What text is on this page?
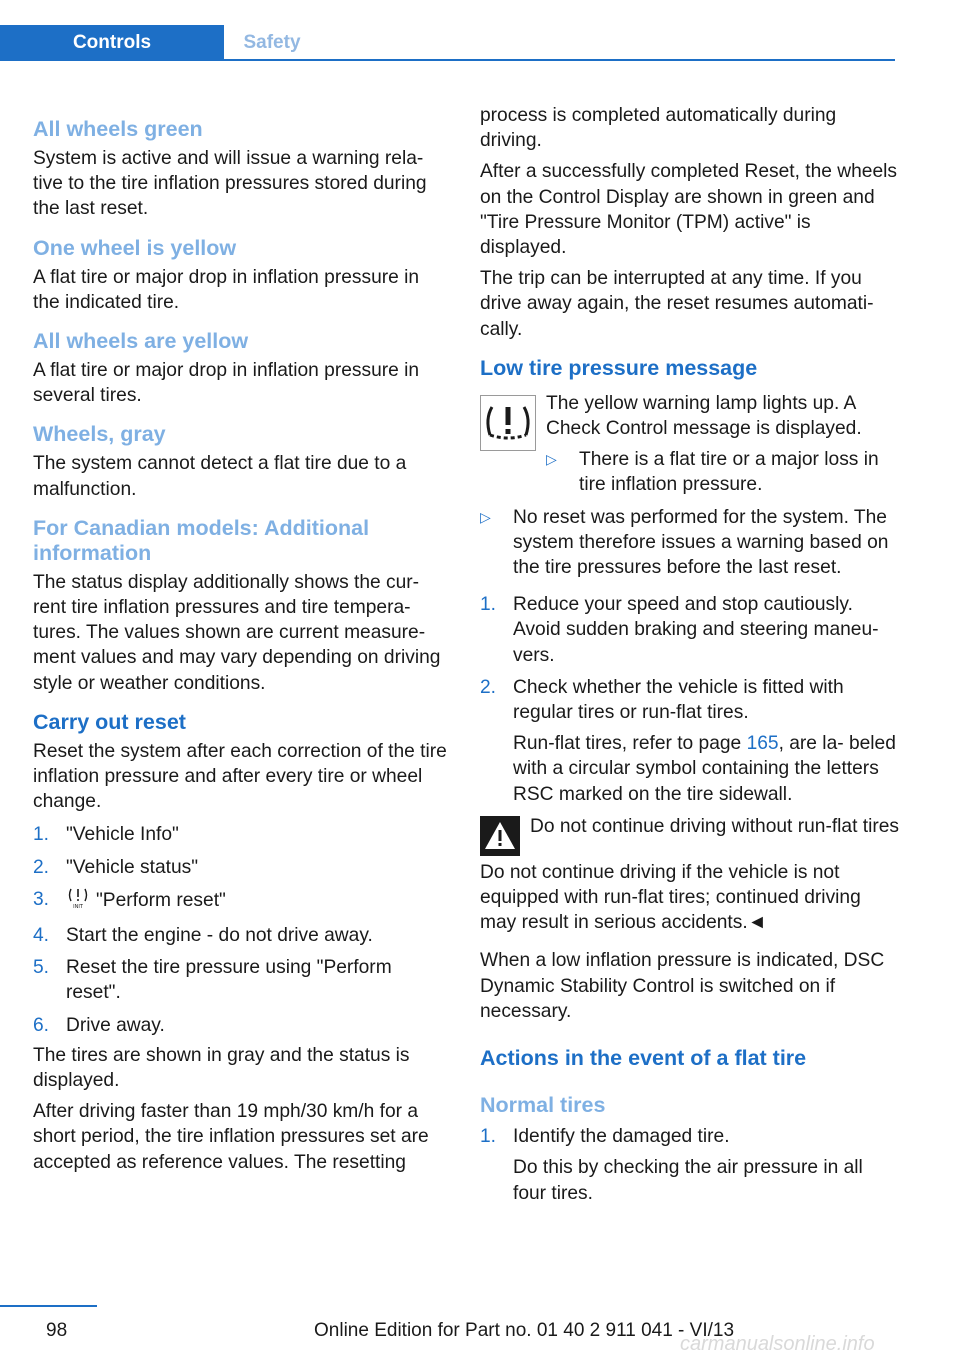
Controls	Safety
All wheels green

System is active and will issue a warning rela‐ tive to the tire inflation pressures stored during the last reset.

One wheel is yellow

A flat tire or major drop in inflation pressure in the indicated tire.

All wheels are yellow

A flat tire or major drop in inflation pressure in several tires.

Wheels, gray

The system cannot detect a flat tire due to a malfunction.

For Canadian models: Additional information

The status display additionally shows the cur‐ rent tire inflation pressures and tire tempera‐ tures. The values shown are current measure‐ ment values and may vary depending on driving style or weather conditions.

Carry out reset

Reset the system after each correction of the tire inflation pressure and after every tire or wheel change.

1. "Vehicle Info"
2. "Vehicle status"
3.	INIT "Perform reset"
4. Start the engine - do not drive away.
5. Reset the tire pressure using "Perform reset".
6. Drive away.

The tires are shown in gray and the status is displayed.

After driving faster than 19 mph/30 km/h for a short period, the tire inflation pressures set are accepted as reference values. The resetting

process is completed automatically during driving.

After a successfully completed Reset, the wheels on the Control Display are shown in green and "Tire Pressure Monitor (TPM) active" is displayed.

The trip can be interrupted at any time. If you drive away again, the reset resumes automati‐ cally.

Low tire pressure message

The yellow warning lamp lights up. A Check Control message is displayed.

▷ There is a flat tire or a major loss in tire inflation pressure.
▷ No reset was performed for the system. The system therefore issues a warning based on the tire pressures before the last reset.
1. Reduce your speed and stop cautiously. Avoid sudden braking and steering maneu‐ vers.
2. Check whether the vehicle is fitted with regular tires or run-flat tires.

Run-flat tires, refer to page 165, are la‐ beled with a circular symbol containing the letters RSC marked on the tire sidewall.

Do not continue driving without run-flat tires

Do not continue driving if the vehicle is not equipped with run-flat tires; continued driving may result in serious accidents.◄

When a low inflation pressure is indicated, DSC Dynamic Stability Control is switched on if necessary.

Actions in the event of a flat tire
Normal tires
1. Identify the damaged tire.

Do this by checking the air pressure in all four tires.

98	Online Edition for Part no. 01 40 2 911 041 - VI/13
carmanualsonline.info
